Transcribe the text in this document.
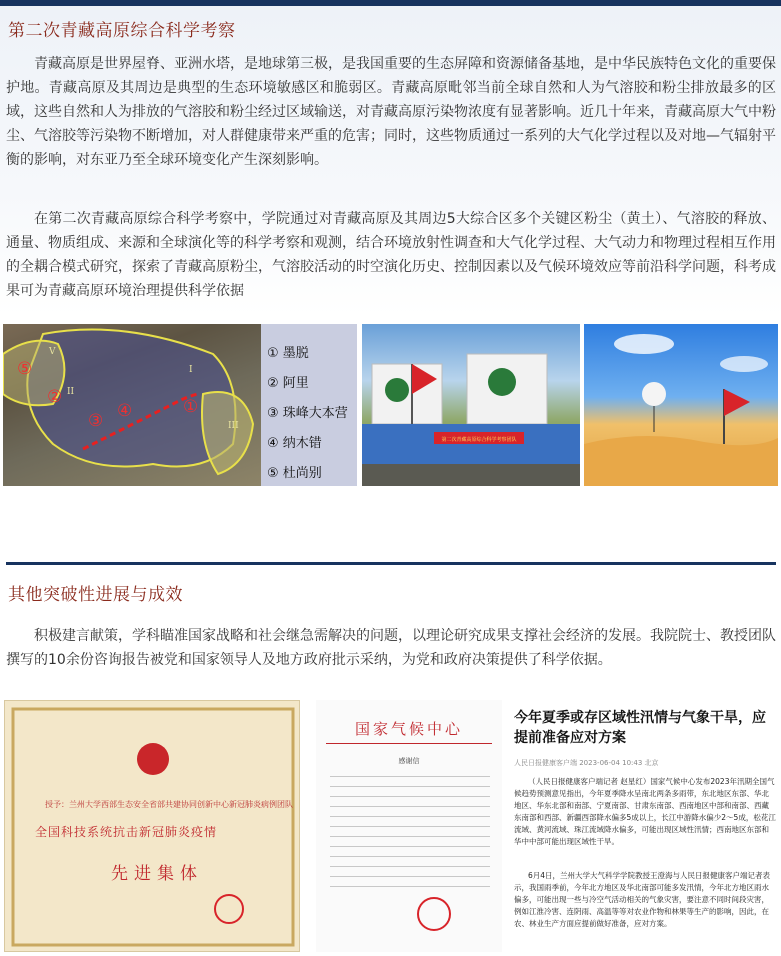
第二次青藏高原综合科学考察
青藏高原是世界屋脊、亚洲水塔，是地球第三极，是我国重要的生态屏障和资源储备基地，是中华民族特色文化的重要保护地。青藏高原及其周边是典型的生态环境敏感区和脆弱区。青藏高原毗邻当前全球自然和人为气溶胶和粉尘排放最多的区域，这些自然和人为排放的气溶胶和粉尘经过区域输送，对青藏高原污染物浓度有显著影响。近几十年来，青藏高原大气中粉尘、气溶胶等污染物不断增加，对人群健康带来严重的危害；同时，这些物质通过一系列的大气化学过程以及对地—气辐射平衡的影响，对东亚乃至全球环境变化产生深刻影响。
在第二次青藏高原综合科学考察中，学院通过对青藏高原及其周边5大综合区多个关键区粉尘（黄土）、气溶胶的释放、通量、物质组成、来源和全球演化等的科学考察和观测，结合环境放射性调查和大气化学过程、大气动力和物理过程相互作用的全耦合模式研究，探索了青藏高原粉尘，气溶胶活动的时空演化历史、控制因素以及气候环境效应等前沿科学问题，科考成果可为青藏高原环境治理提供科学依据
V
II
I
III
①
②
③ ④
⑤
① 墨脱
② 阿里
③ 珠峰大本营
④ 纳木错
⑤ 杜尚别
第二次青藏高原综合科学考察团队
其他突破性进展与成效
积极建言献策，学科瞄准国家战略和社会继急需解决的问题，以理论研究成果支撑社会经济的发展。我院院士、教授团队撰写的10余份咨询报告被党和国家领导人及地方政府批示采纳，为党和政府决策提供了科学依据。
授予：兰州大学西部生态安全省部共建协同创新中心新冠肺炎病例团队
全国科技系统抗击新冠肺炎疫情
先进集体
国家气候中心
感谢信
今年夏季或存区域性汛情与气象干旱，应提前准备应对方案
人民日报健康客户端 2023-06-04 10:43 北京
（人民日报健康客户端记者 赵星红）国家气候中心发布2023年汛期全国气候趋势预测意见指出，今年夏季降水呈南北两条多雨带，东北地区东部、华北地区、华东北部和南部、宁夏南部、甘肃东南部、西南地区中部和南部、西藏东南部和西部、新疆西部降水偏多5成以上，长江中游降水偏少2～5成，松花江流域、黄河流域、珠江流域降水偏多，可能出现区域性汛情；西南地区东部和华中中部可能出现区域性干旱。
6月4日，兰州大学大气科学学院教授王澄海与人民日报健康客户端记者表示，我国雨季前，今年北方地区及华北南部可能多发汛情，今年北方地区雨水偏多，可能出现一些与冷空气活动相关的气象灾害，要注意不同时间段灾害，例如江淮冷害、连阴雨、高温等等对农业作物和林果等生产的影响，因此，在农、林业生产方面应提前做好准备，应对方案。
